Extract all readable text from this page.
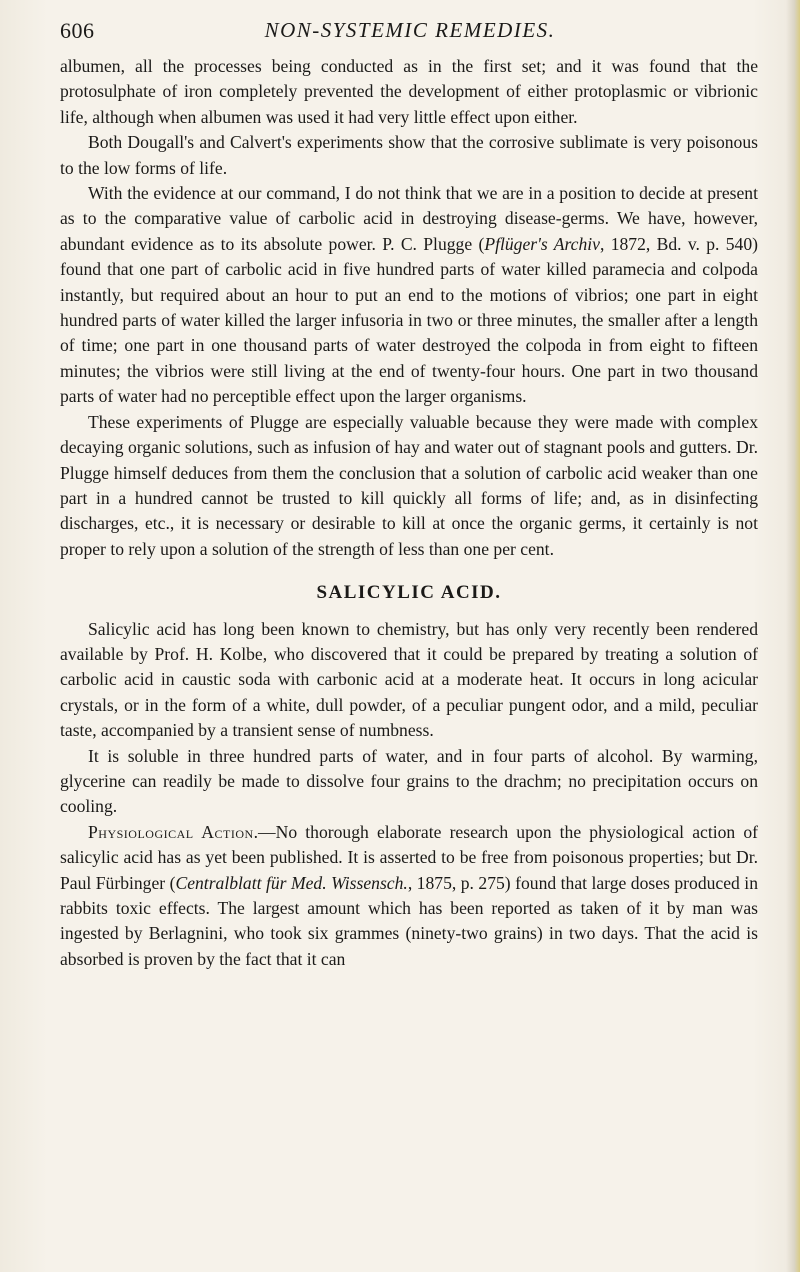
606	NON-SYSTEMIC REMEDIES.

albumen, all the processes being conducted as in the first set; and it was found that the protosulphate of iron completely prevented the development of either protoplasmic or vibrionic life, although when albumen was used it had very little effect upon either.

Both Dougall's and Calvert's experiments show that the corrosive sublimate is very poisonous to the low forms of life.

With the evidence at our command, I do not think that we are in a position to decide at present as to the comparative value of carbolic acid in destroying disease-germs. We have, however, abundant evidence as to its absolute power. P. C. Plugge (Pflüger's Archiv, 1872, Bd. v. p. 540) found that one part of carbolic acid in five hundred parts of water killed paramecia and colpoda instantly, but required about an hour to put an end to the motions of vibrios; one part in eight hundred parts of water killed the larger infusoria in two or three minutes, the smaller after a length of time; one part in one thousand parts of water destroyed the colpoda in from eight to fifteen minutes; the vibrios were still living at the end of twenty-four hours. One part in two thousand parts of water had no perceptible effect upon the larger organisms.

These experiments of Plugge are especially valuable because they were made with complex decaying organic solutions, such as infusion of hay and water out of stagnant pools and gutters. Dr. Plugge himself deduces from them the conclusion that a solution of carbolic acid weaker than one part in a hundred cannot be trusted to kill quickly all forms of life; and, as in disinfecting discharges, etc., it is necessary or desirable to kill at once the organic germs, it certainly is not proper to rely upon a solution of the strength of less than one per cent.

SALICYLIC ACID.

Salicylic acid has long been known to chemistry, but has only very recently been rendered available by Prof. H. Kolbe, who discovered that it could be prepared by treating a solution of carbolic acid in caustic soda with carbonic acid at a moderate heat. It occurs in long acicular crystals, or in the form of a white, dull powder, of a peculiar pungent odor, and a mild, peculiar taste, accompanied by a transient sense of numbness.

It is soluble in three hundred parts of water, and in four parts of alcohol. By warming, glycerine can readily be made to dissolve four grains to the drachm; no precipitation occurs on cooling.

Physiological Action.—No thorough elaborate research upon the physiological action of salicylic acid has as yet been published. It is asserted to be free from poisonous properties; but Dr. Paul Fürbinger (Centralblatt für Med. Wissensch., 1875, p. 275) found that large doses produced in rabbits toxic effects. The largest amount which has been reported as taken of it by man was ingested by Berlagnini, who took six grammes (ninety-two grains) in two days. That the acid is absorbed is proven by the fact that it can
